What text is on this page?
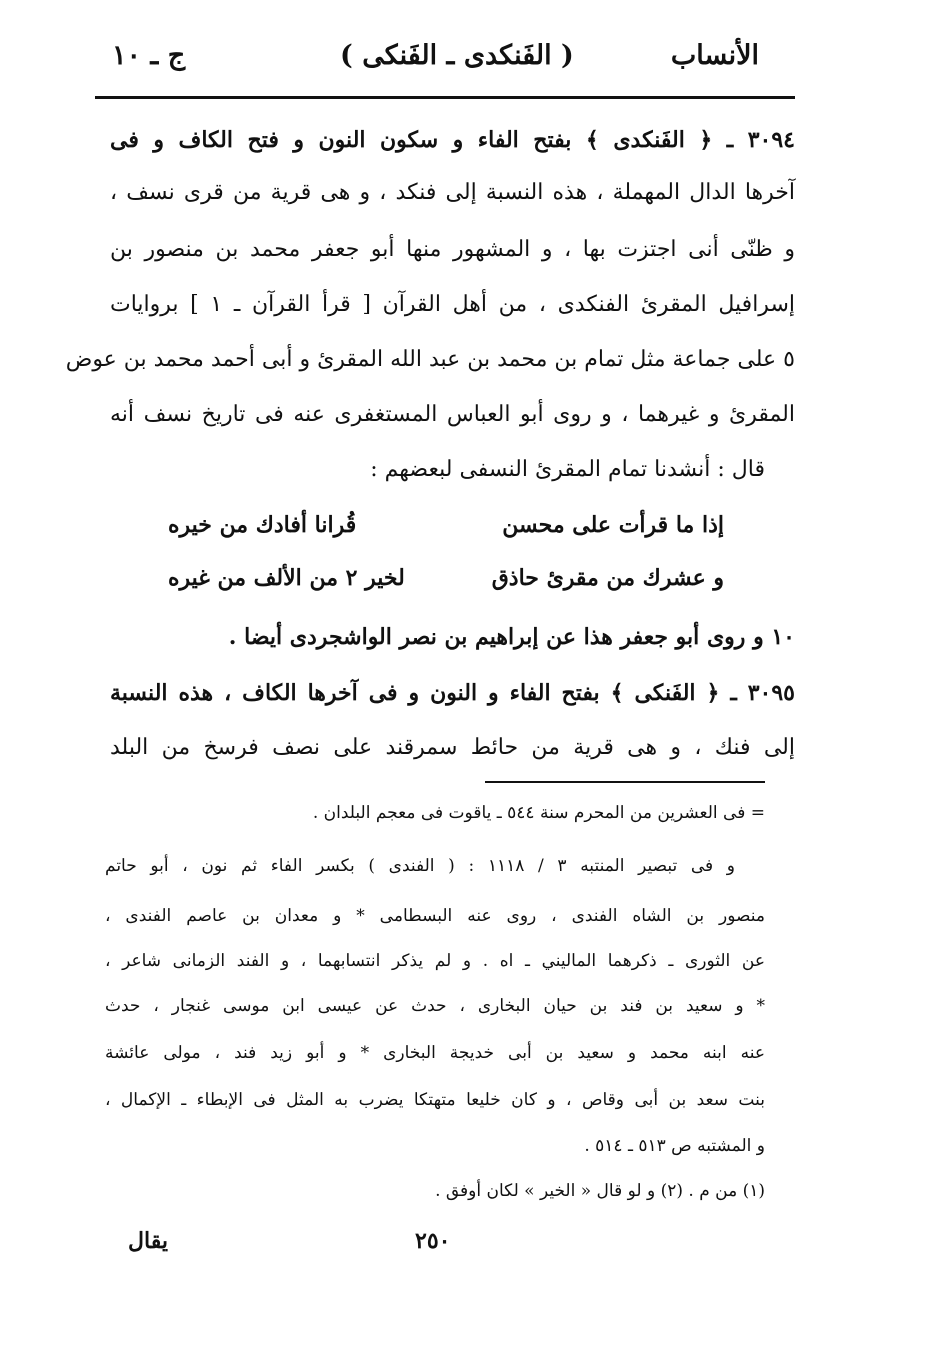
الأنساب
( الفَنكدى ـ الفَنكى )
ج ـ ١٠
٣٠٩٤ ـ ﴿ الفَنكدى ﴾ بفتح الفاء و سكون النون و فتح الكاف و فى
آخرها الدال المهملة ، هذه النسبة إلى فنكد ، و هى قرية من قرى نسف ،
و ظنّى أنى اجتزت بها ، و المشهور منها أبو جعفر محمد بن منصور بن
إسرافيل المقرئ الفنكدى ، من أهل القرآن [ قرأ القرآن ـ ١ ] بروايات
٥ على جماعة مثل تمام بن محمد بن عبد الله المقرئ و أبى أحمد محمد بن عوض
المقرئ و غيرهما ، و روى أبو العباس المستغفرى عنه فى تاريخ نسف أنه
قال : أنشدنا تمام المقرئ النسفى لبعضهم :
إذا ما قرأت على محسن
قُرانا أفادك من خيره
و عشرك من مقرئ حاذق
لخير ٢ من الألف من غيره
١٠ و روى أبو جعفر هذا عن إبراهيم بن نصر الواشجردى أيضا .
٣٠٩٥ ـ ﴿ الفَنكى ﴾ بفتح الفاء و النون و فى آخرها الكاف ، هذه النسبة
إلى فنك ، و هى قرية من حائط سمرقند على نصف فرسخ من البلد
= فى العشرين من المحرم سنة ٥٤٤ ـ ياقوت فى معجم البلدان .
و فى تبصير المنتبه ٣ / ١١١٨ : ( الفندى ) بكسر الفاء ثم نون ، أبو حاتم
منصور بن الشاه الفندى ، روى عنه البسطامى * و معدان بن عاصم الفندى ،
عن الثورى ـ ذكرهما الماليني ـ اه . و لم يذكر انتسابهما ، و الفند الزمانى شاعر ،
* و سعيد بن فند بن حيان البخارى ، حدث عن عيسى ابن موسى غنجار ، حدث
عنه ابنه محمد و سعيد بن أبى خديجة البخارى * و أبو زيد فند ، مولى عائشة
بنت سعد بن أبى وقاص ، و كان خليعا متهتكا يضرب به المثل فى الإبطاء ـ الإكمال ،
و المشتبه ص ٥١٣ ـ ٥١٤ .
(١) من م . (٢) و لو قال « الخير » لكان أوفق .
٢٥٠
يقال
